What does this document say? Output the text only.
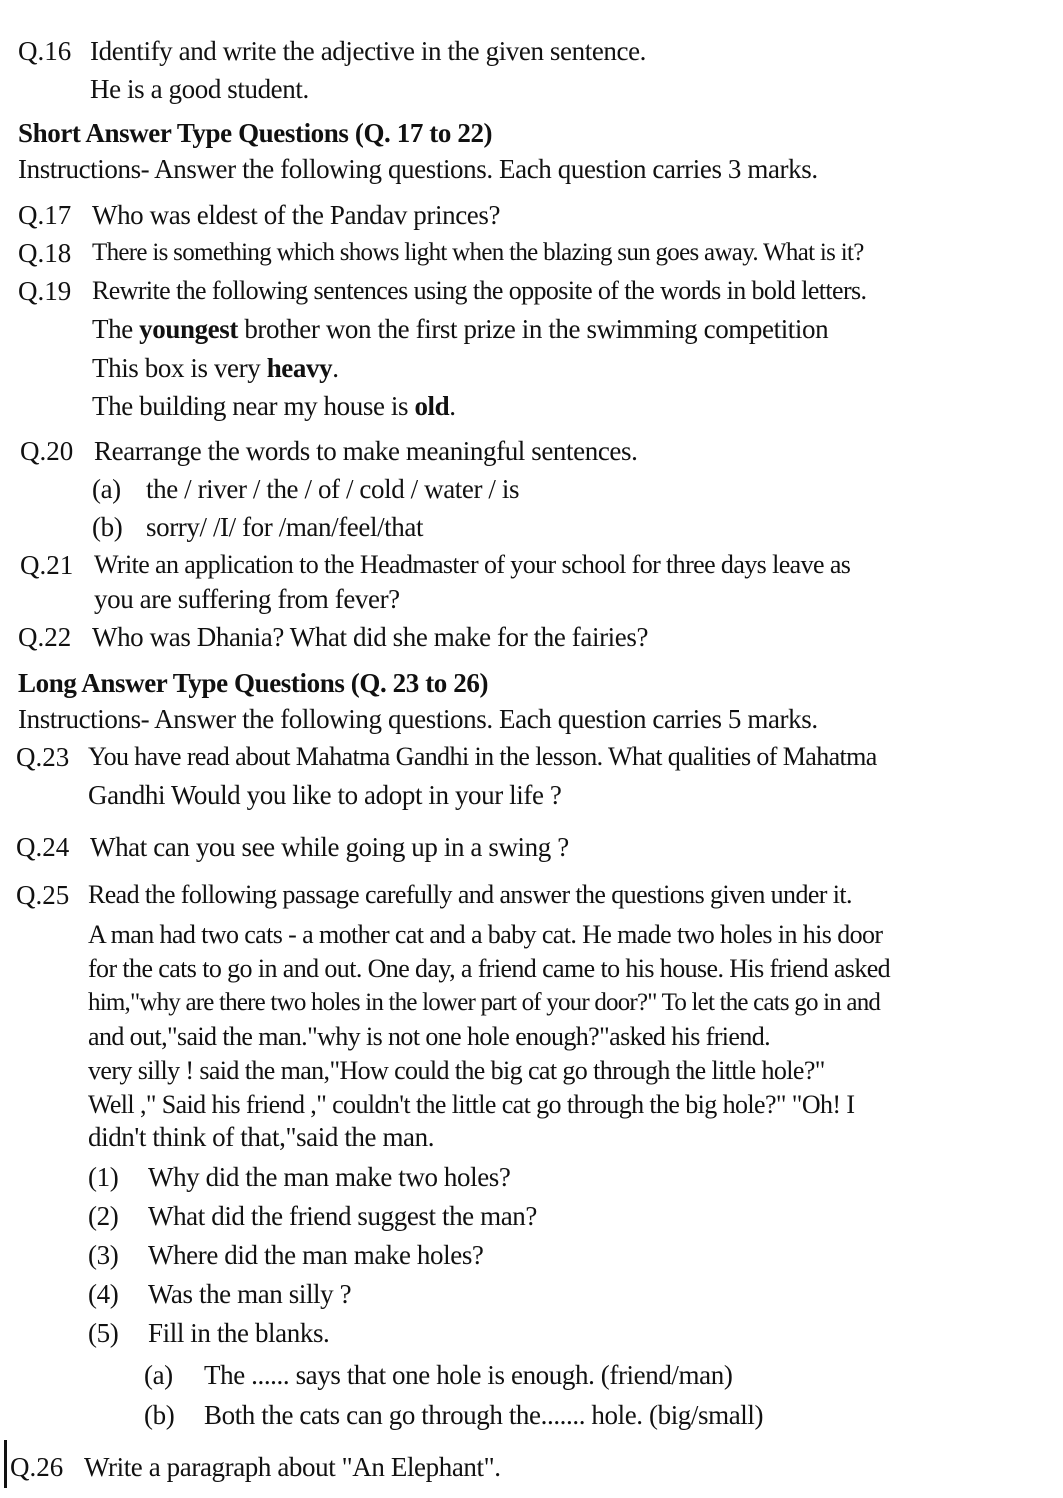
Q.16 Identify and write the adjective in the given sentence.
He is a good student.
Short Answer Type Questions (Q. 17 to 22)
Instructions- Answer the following questions. Each question carries 3 marks.
Q.17 Who was eldest of the Pandav princes?
Q.18 There is something which shows light when the blazing sun goes away. What is it?
Q.19 Rewrite the following sentences using the opposite of the words in bold letters.
The youngest brother won the first prize in the swimming competition
This box is very heavy.
The building near my house is old.
Q.20 Rearrange the words to make meaningful sentences.
(a) the / river / the / of / cold / water / is
(b) sorry/ /I/ for /man/feel/that
Q.21 Write an application to the Headmaster of your school for three days leave as
you are suffering from fever?
Q.22 Who was Dhania? What did she make for the fairies?
Long Answer Type Questions (Q. 23 to 26)
Instructions- Answer the following questions. Each question carries 5 marks.
Q.23 You have read about Mahatma Gandhi in the lesson. What qualities of Mahatma
Gandhi Would you like to adopt in your life ?
Q.24 What can you see while going up in a swing ?
Q.25 Read the following passage carefully and answer the questions given under it.
A man had two cats - a mother cat and a baby cat. He made two holes in his door
for the cats to go in and out. One day, a friend came to his house. His friend asked
him,"why are there two holes in the lower part of your door?" To let the cats go in and
and out,"said the man."why is not one hole enough?"asked his friend.
very silly ! said the man,"How could the big cat go through the little hole?"
Well ," Said his friend ," couldn't the little cat go through the big hole?" "Oh! I
didn't think of that,"said the man.
(1) Why did the man make two holes?
(2) What did the friend suggest the man?
(3) Where did the man make holes?
(4) Was the man silly ?
(5) Fill in the blanks.
(a) The ...... says that one hole is enough. (friend/man)
(b) Both the cats can go through the....... hole. (big/small)
Q.26 Write a paragraph about "An Elephant".
